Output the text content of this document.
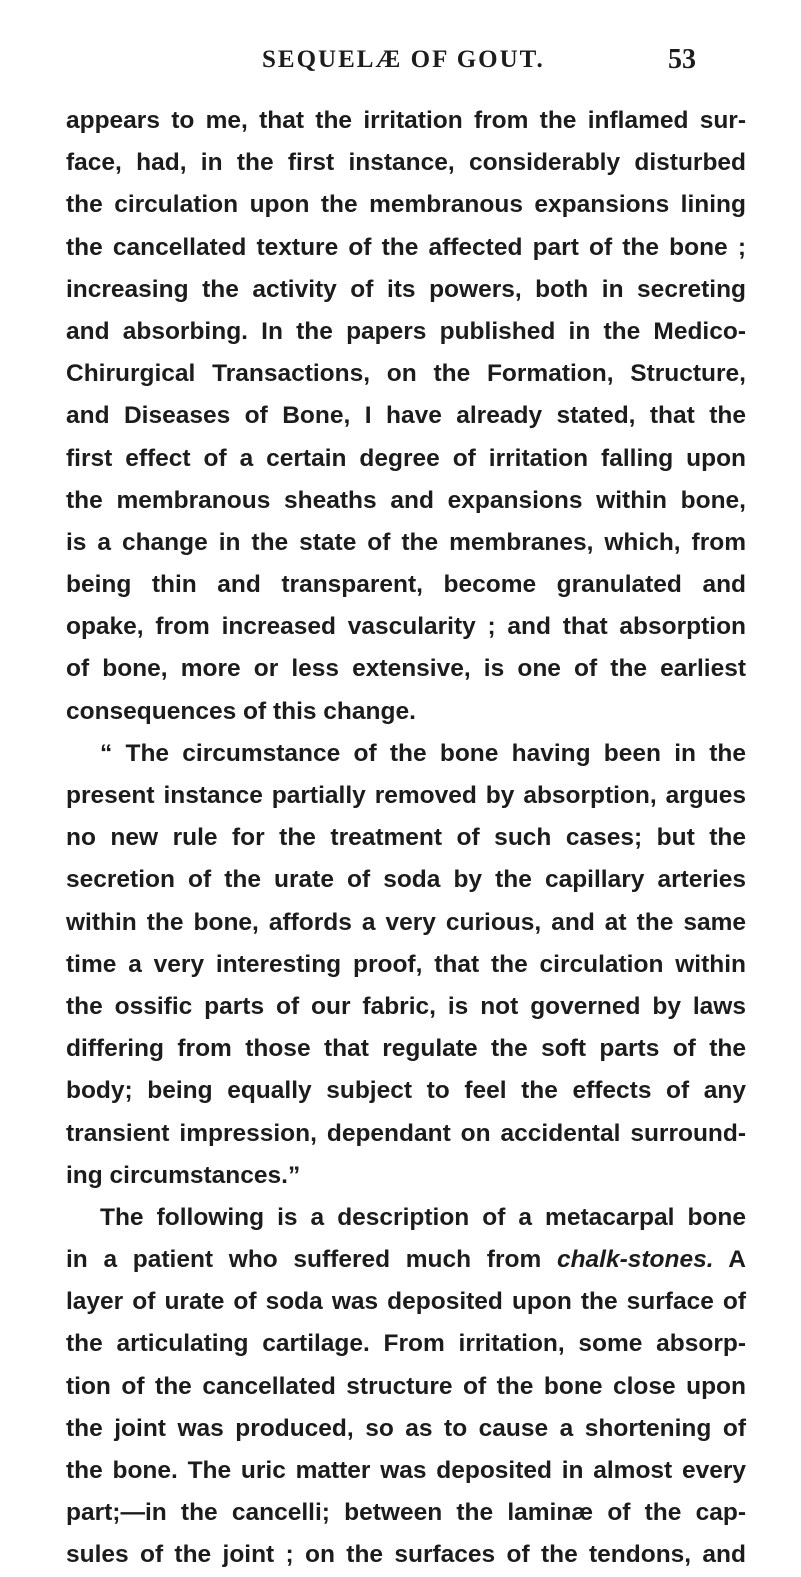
SEQUELÆ OF GOUT.	53
appears to me, that the irritation from the inflamed sur-
face, had, in the first instance, considerably disturbed
the circulation upon the membranous expansions lining
the cancellated texture of the affected part of the bone ;
increasing the activity of its powers, both in secreting
and absorbing. In the papers published in the Medico-
Chirurgical Transactions, on the Formation, Structure,
and Diseases of Bone, I have already stated, that the
first effect of a certain degree of irritation falling upon
the membranous sheaths and expansions within bone,
is a change in the state of the membranes, which, from
being thin and transparent, become granulated and
opake, from increased vascularity ; and that absorption
of bone, more or less extensive, is one of the earliest
consequences of this change.
“ The circumstance of the bone having been in the
present instance partially removed by absorption, argues
no new rule for the treatment of such cases; but the
secretion of the urate of soda by the capillary arteries
within the bone, affords a very curious, and at the same
time a very interesting proof, that the circulation within
the ossific parts of our fabric, is not governed by laws
differing from those that regulate the soft parts of the
body; being equally subject to feel the effects of any
transient impression, dependant on accidental surround-
ing circumstances.”
The following is a description of a metacarpal bone
in a patient who suffered much from chalk-stones. A
layer of urate of soda was deposited upon the surface of
the articulating cartilage. From irritation, some absorp-
tion of the cancellated structure of the bone close upon
the joint was produced, so as to cause a shortening of
the bone. The uric matter was deposited in almost every
part;—in the cancelli; between the laminæ of the cap-
sules of the joint ; on the surfaces of the tendons, and
